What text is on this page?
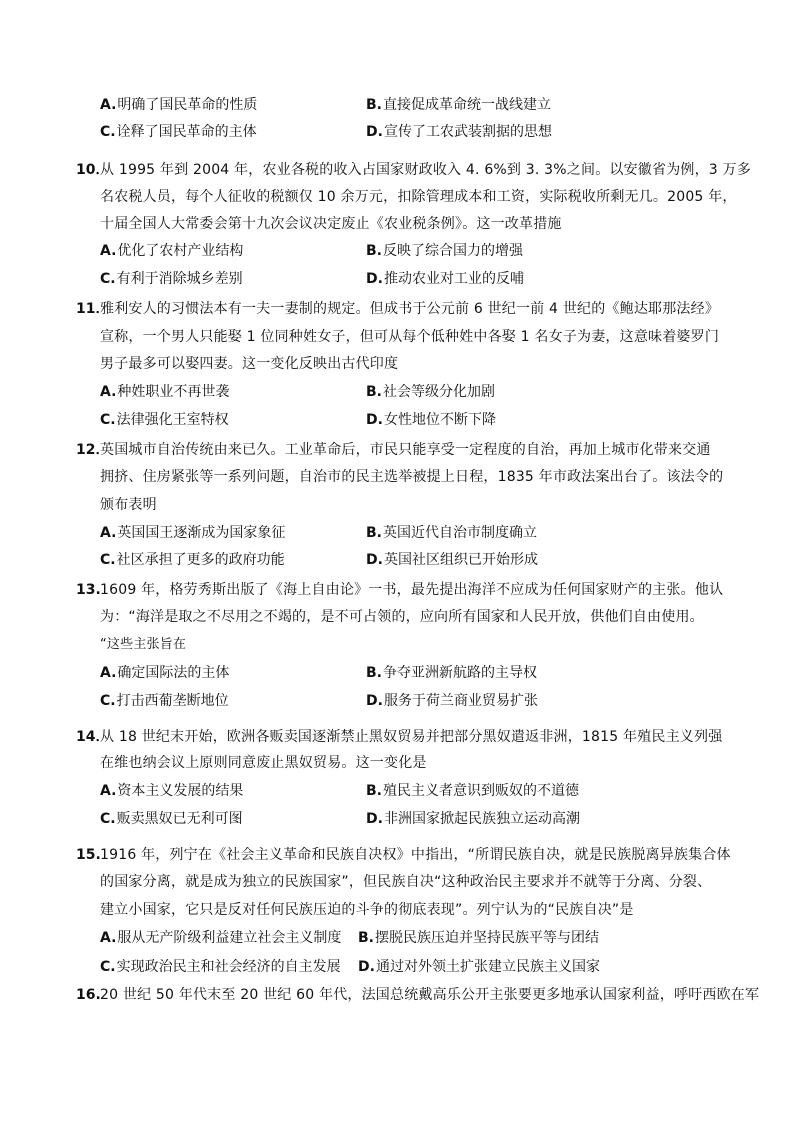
A.明确了国民革命的性质	B.直接促成革命统一战线建立
C.诠释了国民革命的主体	D.宣传了工农武装割据的思想
10．
从 1995 年到 2004 年，农业各税的收入占国家财政收入 4. 6%到 3. 3%之间。以安徽省为例，3 万多
名农税人员，每个人征收的税额仅 10 余万元，扣除管理成本和工资，实际税收所剩无几。2005 年，
十届全国人大常委会第十九次会议决定废止《农业税条例》。这一改革措施
A.优化了农村产业结构	B.反映了综合国力的增强
C.有利于消除城乡差别	D.推动农业对工业的反哺
11．
雅利安人的习惯法本有一夫一妻制的规定。但成书于公元前 6 世纪一前 4 世纪的《鲍达耶那法经》
宣称，一个男人只能娶 1 位同种姓女子，但可从每个低种姓中各娶 1 名女子为妻，这意味着婆罗门
男子最多可以娶四妻。这一变化反映出古代印度
A.种姓职业不再世袭	B.社会等级分化加剧
C.法律强化王室特权	D.女性地位不断下降
12．
英国城市自治传统由来已久。工业革命后，市民只能享受一定程度的自治，再加上城市化带来交通
拥挤、住房紧张等一系列问题，自治市的民主选举被提上日程，1835 年市政法案出台了。该法令的
颁布表明
A.英国国王逐渐成为国家象征	B.英国近代自治市制度确立
C.社区承担了更多的政府功能	D.英国社区组织已开始形成
13. 1609 年，格劳秀斯出版了《海上自由论》一书，最先提出海洋不应成为任何国家财产的主张。他认
为：“海洋是取之不尽用之不竭的，是不可占领的，应向所有国家和人民开放，供他们自由使用。
“这些主张旨在
A.确定国际法的主体	B.争夺亚洲新航路的主导权
C.打击西葡垄断地位	D.服务于荷兰商业贸易扩张
14．
从 18 世纪末开始，欧洲各贩卖国逐渐禁止黑奴贸易并把部分黑奴遣返非洲，1815 年殖民主义列强
在维也纳会议上原则同意废止黑奴贸易。这一变化是
A.资本主义发展的结果	B.殖民主义者意识到贩奴的不道德
C.贩卖黑奴已无利可图	D.非洲国家掀起民族独立运动高潮
15. 1916 年，列宁在《社会主义革命和民族自决权》中指出，“所谓民族自决，就是民族脱离异族集合体
的国家分离，就是成为独立的民族国家”，但民族自决“这种政治民主要求并不就等于分离、分裂、
建立小国家，它只是反对任何民族压迫的斗争的彻底表现”。列宁认为的“民族自决”是
A.服从无产阶级利益建立社会主义制度 B.摆脱民族压迫并坚持民族平等与团结
C.实现政治民主和社会经济的自主发展 D.通过对外领土扩张建立民族主义国家
16. 20 世纪 50 年代末至 20 世纪 60 年代，法国总统戴高乐公开主张要更多地承认国家利益，呼吁西欧在军
